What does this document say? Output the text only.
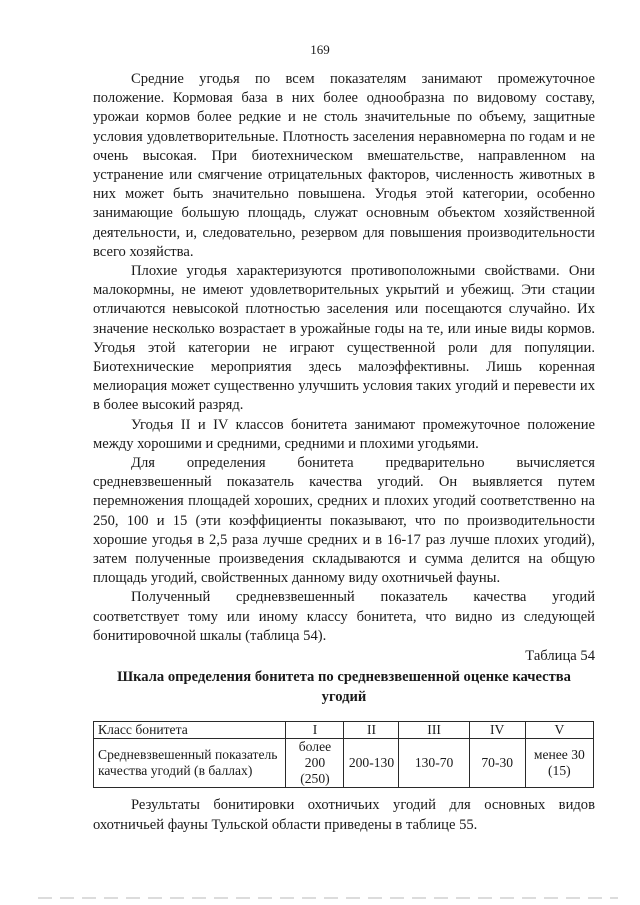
169

Средние угодья по всем показателям занимают промежуточное положение. Кормовая база в них более однообразна по видовому составу, урожаи кормов более редкие и не столь значительные по объему, защитные условия удовлетворительные. Плотность заселения неравномерна по годам и не очень высокая. При биотехническом вмешательстве, направленном на устранение или смягчение отрицательных факторов, численность животных в них может быть значительно повышена. Угодья этой категории, особенно занимающие большую площадь, служат основным объектом хозяйственной деятельности, и, следовательно, резервом для повышения производительности всего хозяйства.

Плохие угодья характеризуются противоположными свойствами. Они малокормны, не имеют удовлетворительных укрытий и убежищ. Эти стации отличаются невысокой плотностью заселения или посещаются случайно. Их значение несколько возрастает в урожайные годы на те, или иные виды кормов. Угодья этой категории не играют существенной роли для популяции. Биотехнические мероприятия здесь малоэффективны. Лишь коренная мелиорация может существенно улучшить условия таких угодий и перевести их в более высокий разряд.

Угодья II и IV классов бонитета занимают промежуточное положение между хорошими и средними, средними и плохими угодьями.

Для определения бонитета предварительно вычисляется средневзвешенный показатель качества угодий. Он выявляется путем перемножения площадей хороших, средних и плохих угодий соответственно на 250, 100 и 15 (эти коэффициенты показывают, что по производительности хорошие угодья в 2,5 раза лучше средних и в 16-17 раз лучше плохих угодий), затем полученные произведения складываются и сумма делится на общую площадь угодий, свойственных данному виду охотничьей фауны.

Полученный средневзвешенный показатель качества угодий соответствует тому или иному классу бонитета, что видно из следующей бонитировочной шкалы (таблица 54).

Таблица 54

Шкала определения бонитета по средневзвешенной оценке качества угодий

Класс бонитета	I	II	III	IV	V
Средневзвешенный показатель качества угодий (в баллах)	более 200 (250)	200-130	130-70	70-30	менее 30 (15)

Результаты бонитировки охотничьих угодий для основных видов охотничьей фауны Тульской области приведены в таблице 55.
